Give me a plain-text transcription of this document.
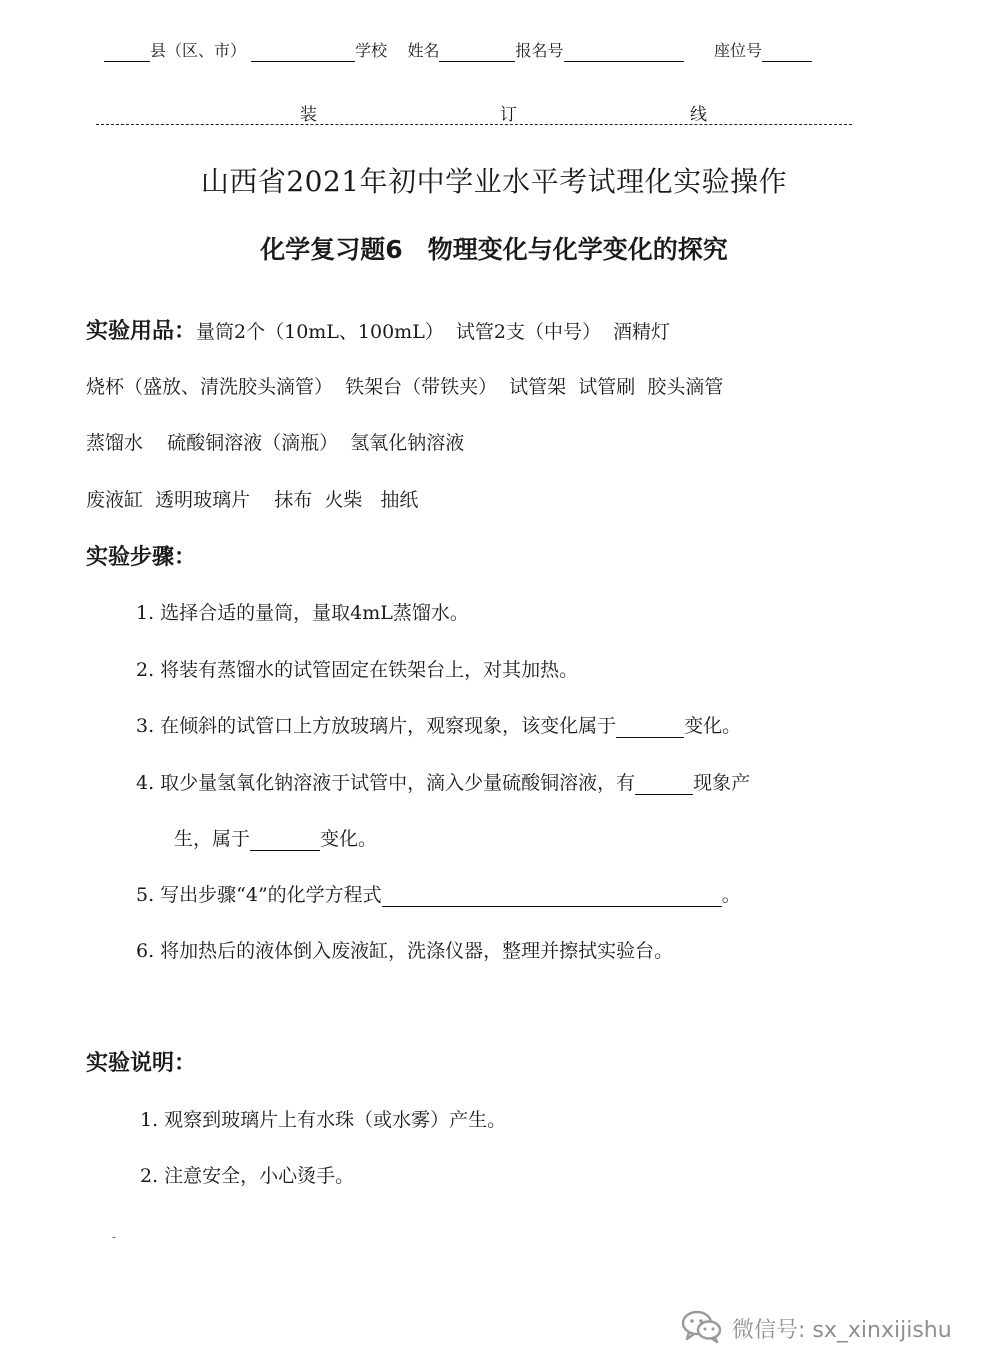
县（区、市）	学校 姓名	报名号	座位号
装	订	线
山西省2021年初中学业水平考试理化实验操作
化学复习题6　物理变化与化学变化的探究
实验用品：量筒2个（10mL、100mL）  试管2支（中号）  酒精灯
烧杯（盛放、清洗胶头滴管）  铁架台（带铁夹）  试管架  试管刷  胶头滴管
蒸馏水    硫酸铜溶液（滴瓶）  氢氧化钠溶液
废液缸  透明玻璃片    抹布  火柴   抽纸
实验步骤：
1. 选择合适的量筒，量取4mL蒸馏水。
2. 将装有蒸馏水的试管固定在铁架台上，对其加热。
3. 在倾斜的试管口上方放玻璃片，观察现象，该变化属于	变化。
4. 取少量氢氧化钠溶液于试管中，滴入少量硫酸铜溶液，有	现象产
生，属于	变化。
5. 写出步骤“4”的化学方程式	。
6. 将加热后的液体倒入废液缸，洗涤仪器，整理并擦拭实验台。
实验说明：
1. 观察到玻璃片上有水珠（或水雾）产生。
2. 注意安全，小心烫手。
-
微信号: sx_xinxijishu
